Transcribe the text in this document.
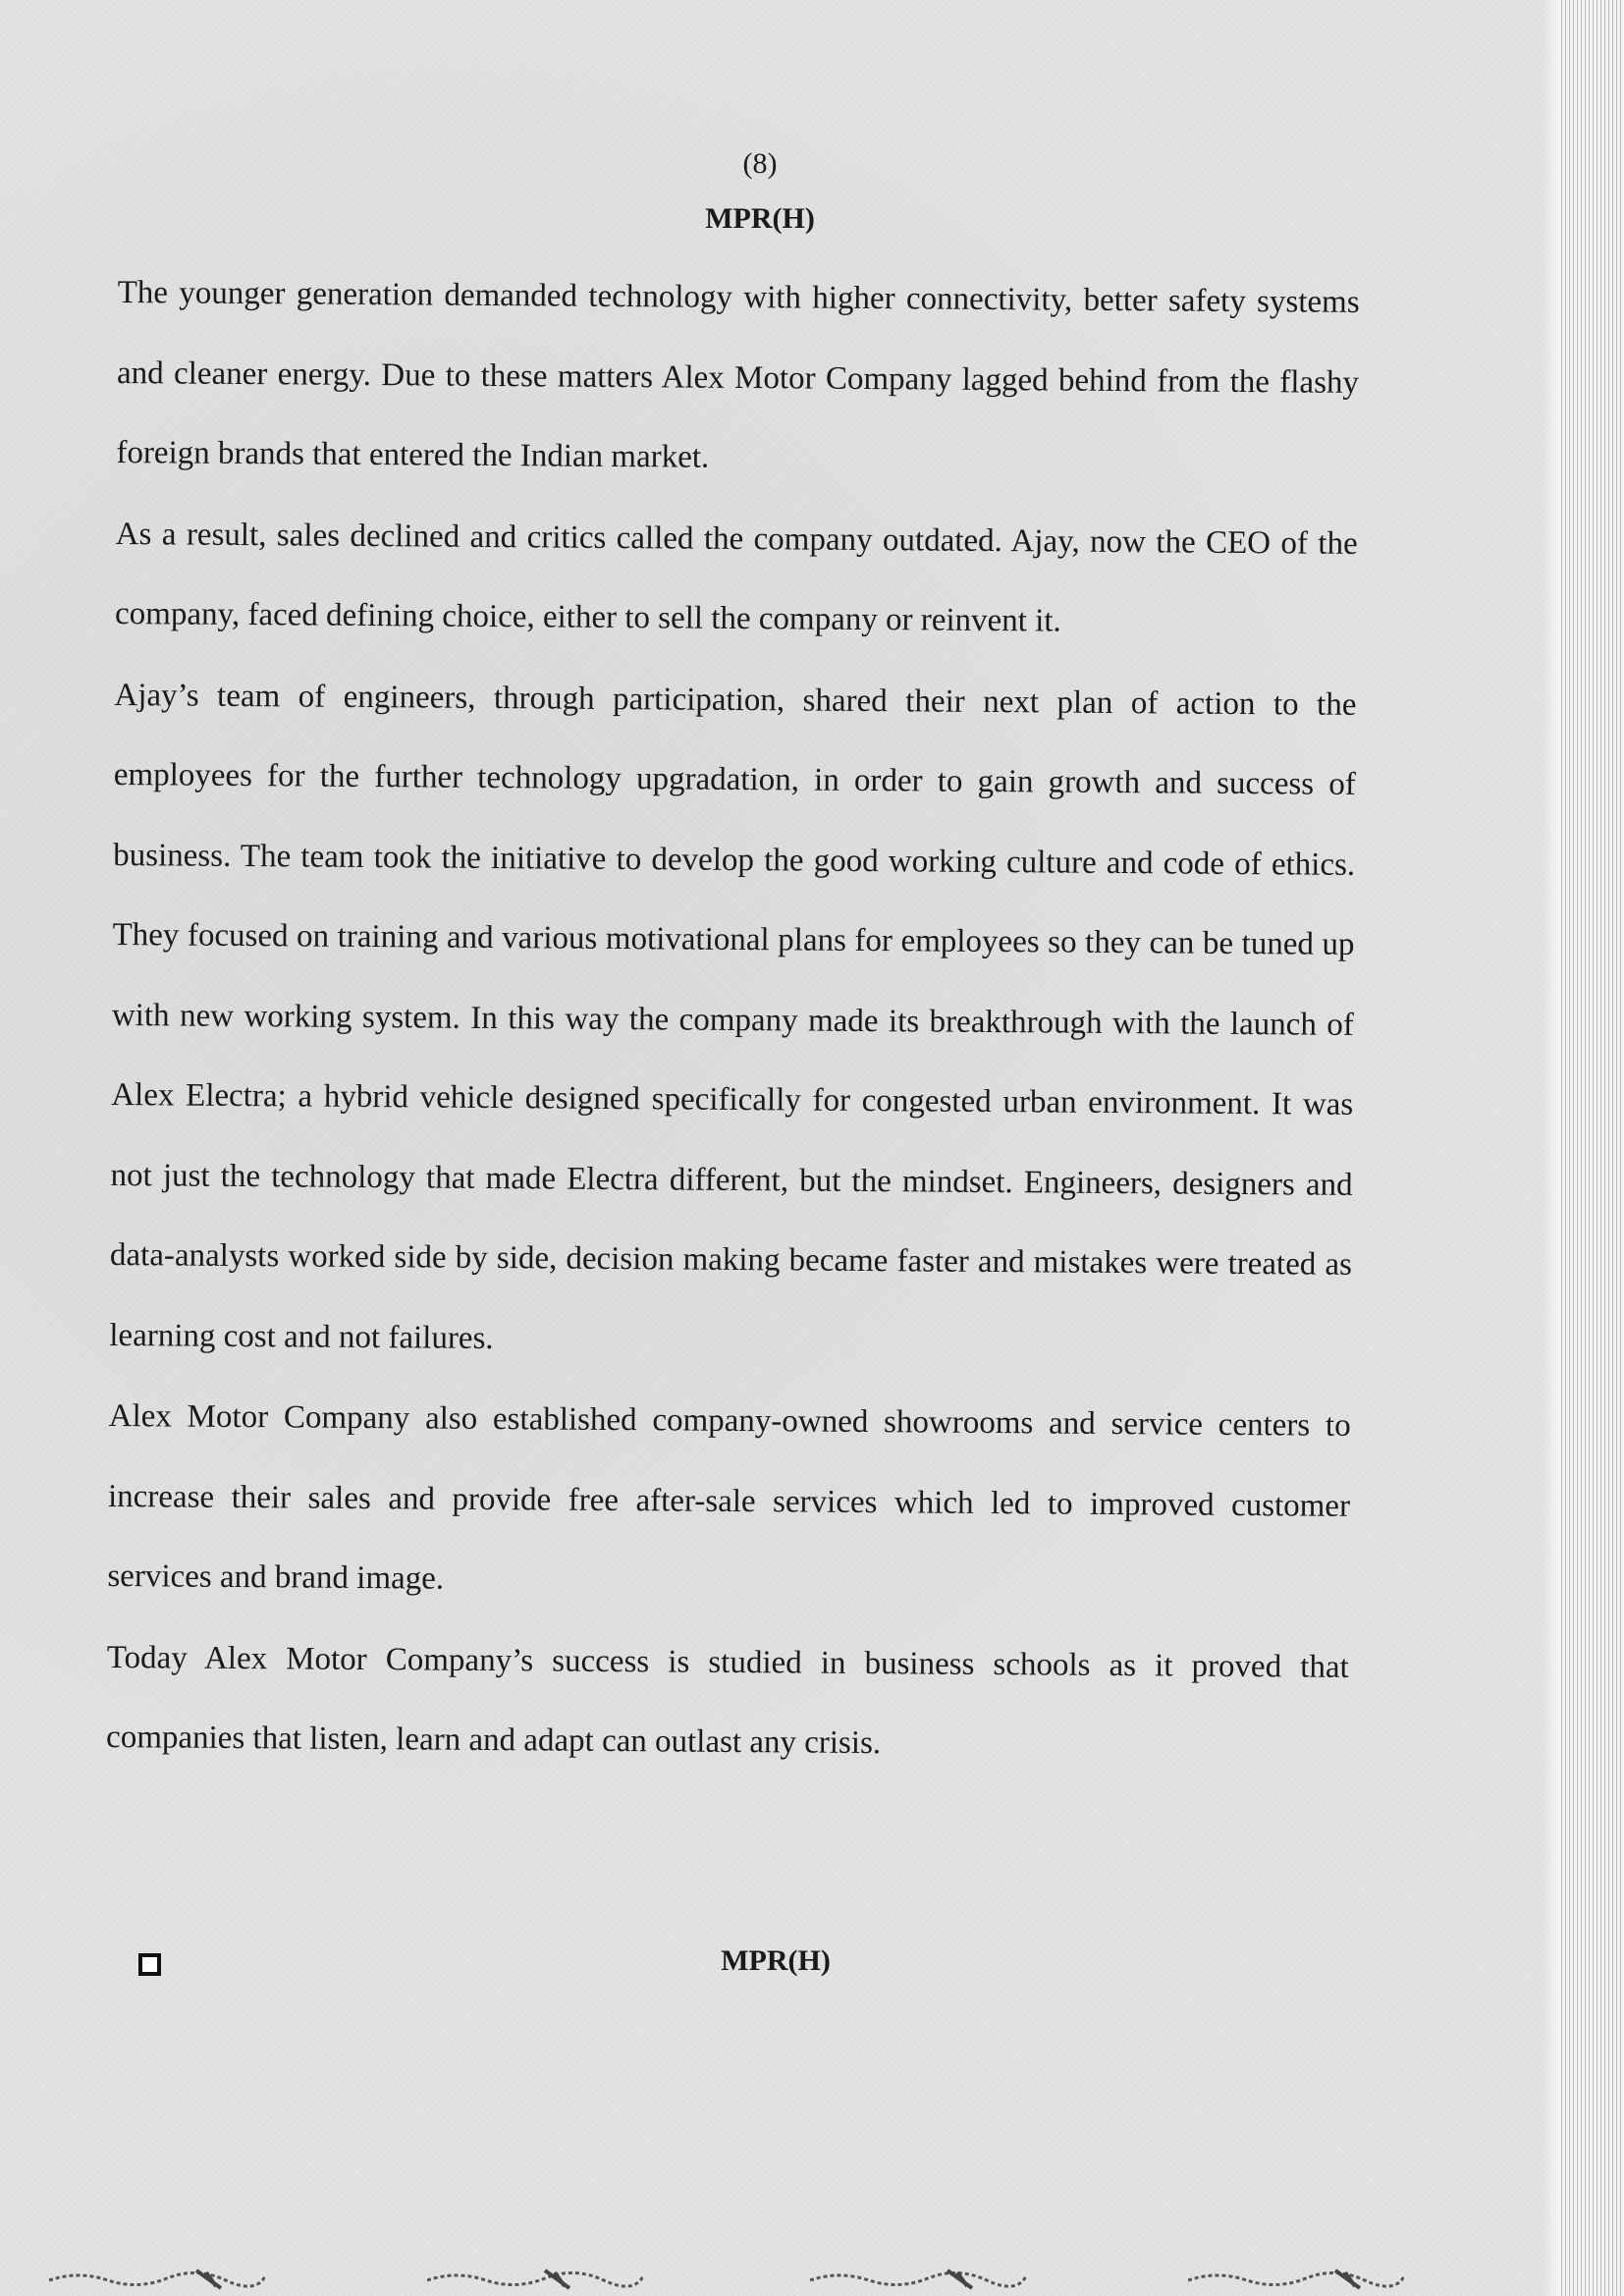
(8)
MPR(H)

The younger generation demanded technology with higher connectivity, better safety systems and cleaner energy. Due to these matters Alex Motor Company lagged behind from the flashy foreign brands that entered the Indian market.

As a result, sales declined and critics called the company outdated. Ajay, now the CEO of the company, faced defining choice, either to sell the company or reinvent it.

Ajay’s team of engineers, through participation, shared their next plan of action to the employees for the further technology upgradation, in order to gain growth and success of business. The team took the initiative to develop the good working culture and code of ethics. They focused on training and various motivational plans for employees so they can be tuned up with new working system. In this way the company made its breakthrough with the launch of Alex Electra; a hybrid vehicle designed specifically for congested urban environment. It was not just the technology that made Electra different, but the mindset. Engineers, designers and data-analysts worked side by side, decision making became faster and mistakes were treated as learning cost and not failures.

Alex Motor Company also established company-owned showrooms and service centers to increase their sales and provide free after-sale services which led to improved customer services and brand image.

Today Alex Motor Company’s success is studied in business schools as it proved that companies that listen, learn and adapt can outlast any crisis.

MPR(H)
